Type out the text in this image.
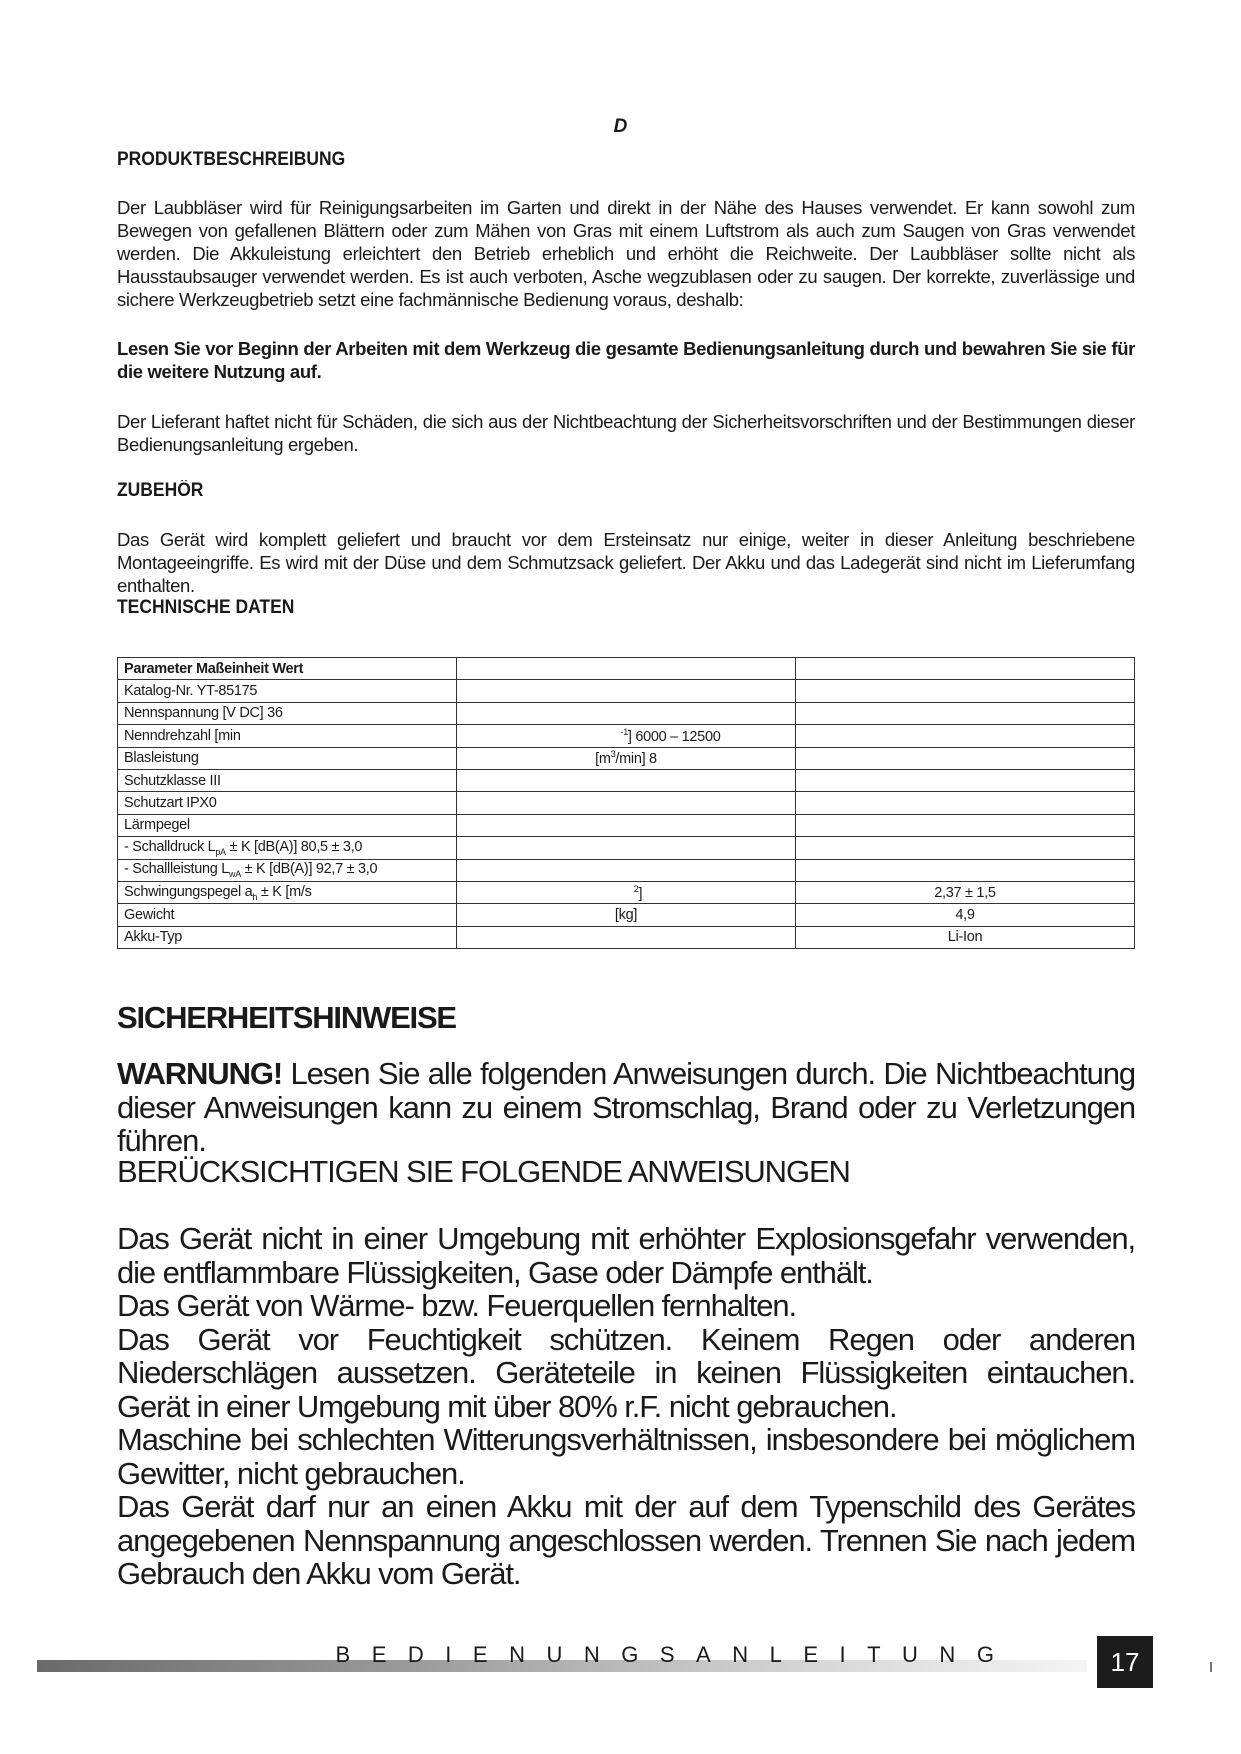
D
PRODUKTBESCHREIBUNG
Der Laubbläser wird für Reinigungsarbeiten im Garten und direkt in der Nähe des Hauses verwendet. Er kann sowohl zum Bewegen von gefallenen Blättern oder zum Mähen von Gras mit einem Luftstrom als auch zum Saugen von Gras verwendet werden. Die Akkuleistung erleichtert den Betrieb erheblich und erhöht die Reichweite. Der Laubbläser sollte nicht als Hausstaubsauger verwendet werden. Es ist auch verboten, Asche wegzublasen oder zu saugen. Der korrekte, zuverlässige und sichere Werkzeugbetrieb setzt eine fachmännische Bedienung voraus, deshalb:
Lesen Sie vor Beginn der Arbeiten mit dem Werkzeug die gesamte Bedienungsanleitung durch und bewahren Sie sie für die weitere Nutzung auf.
Der Lieferant haftet nicht für Schäden, die sich aus der Nichtbeachtung der Sicherheitsvorschriften und der Bestimmungen dieser Bedienungsanleitung ergeben.
ZUBEHÖR
Das Gerät wird komplett geliefert und braucht vor dem Ersteinsatz nur einige, weiter in dieser Anleitung beschriebene Montageeingriffe. Es wird mit der Düse und dem Schmutzsack geliefert. Der Akku und das Ladegerät sind nicht im Lieferumfang enthalten.
TECHNISCHE DATEN
Parameter Maßeinheit Wert		
Katalog-Nr. YT-85175		
Nennspannung [V DC] 36		
Nenndrehzahl [min	$^{-1}$] 6000 – 12500	
Blasleistung	$[m^3/\min]$ 8	
Schutzklasse III		
Schutzart IPX0		
Lärmpegel		
- Schalldruck $L_{pA} \pm K$ [dB(A)] 80,5 ± 3,0		
- Schallleistung $L_{wA} \pm K$ [dB(A)] 92,7 ± 3,0		
Schwingungspegel $a_h \pm K$ [m/s	$^2$]	2,37 ± 1,5
Gewicht	[kg]	4,9
Akku-Typ		Li-Ion
SICHERHEITSHINWEISE
WARNUNG! Lesen Sie alle folgenden Anweisungen durch. Die Nichtbeachtung dieser Anweisungen kann zu einem Stromschlag, Brand oder zu Verletzungen führen.
BERÜCKSICHTIGEN SIE FOLGENDE ANWEISUNGEN
Das Gerät nicht in einer Umgebung mit erhöhter Explosionsgefahr verwenden, die entflammbare Flüssigkeiten, Gase oder Dämpfe enthält.
Das Gerät von Wärme- bzw. Feuerquellen fernhalten.
Das Gerät vor Feuchtigkeit schützen. Keinem Regen oder anderen Niederschlägen aussetzen. Geräteteile in keinen Flüssigkeiten eintauchen. Gerät in einer Umgebung mit über 80% r.F. nicht gebrauchen.
Maschine bei schlechten Witterungsverhältnissen, insbesondere bei möglichem Gewitter, nicht gebrauchen.
Das Gerät darf nur an einen Akku mit der auf dem Typenschild des Gerätes angegebenen Nennspannung angeschlossen werden. Trennen Sie nach jedem Gebrauch den Akku vom Gerät.
BEDIENUNGSANLEITUNG	17
